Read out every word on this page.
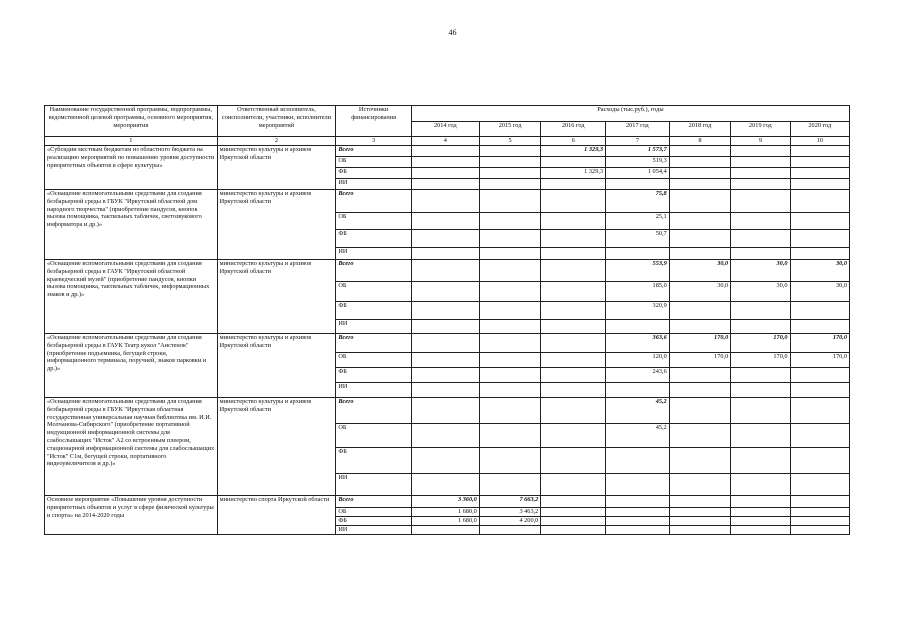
46
Наименование государственной программы, подпрограммы, ведомственной целевой программы, основного мероприятия, мероприятия	Ответственный исполнитель, соисполнители, участники, исполнители мероприятий	Источники финансирования	Расходы (тыс.руб.), годы						
			2014 год	2015 год	2016 год	2017 год	2018 год	2019 год	2020 год
1	2	3	4	5	6	7	8	9	10
«Субсидии местным бюджетам из областного бюджета на реализацию мероприятий по повышению уровня доступности приоритетных объектов в сфере культуры»	министерство культуры и архивов Иркутской области	Всего			1 329,3	1 573,7			
		ОБ				519,3			
		ФБ			1 329,3	1 054,4			
		ИИ							
«Оснащение вспомогательными средствами для создания безбарьерной среды в ГБУК "Иркутский областной дом народного творчества" (приобретение пандусов, кнопок вызова помощника, тактильных табличек, светозвукового информатора и др.)»	министерство культуры и архивов Иркутской области	Всего				75,8			
		ОБ				25,1			
		ФБ				50,7			
		ИИ							
«Оснащение вспомогательными средствами для создания безбарьерной среды в ГАУК "Иркутский областной краеведческий музей" (приобретение пандусов, кнопки вызова помощника, тактильных табличек, информационных знаков и др.)»	министерство культуры и архивов Иркутской области	Всего				553,9	30,0	30,0	30,0
		ОБ				185,0	30,0	30,0	30,0
		ФБ				320,9			
		ИИ							
«Оснащение вспомогательными средствами для создания безбарьерной среды в ГАУК Театр кукол "Аистенок"(приобретение подъемника, бегущей строки, информационного терминала, поручней, знаков парковки и др.)»	министерство культуры и архивов Иркутской области	Всего				363,6	170,0	170,0	170,0
		ОБ				120,0	170,0	170,0	170,0
		ФБ				243,6			
		ИИ							
«Оснащение вспомогательными средствами для создания безбарьерной среды в ГБУК "Иркутская областная государственная универсальная научная библиотека им. И.И. Молчанова-Сибирского" (приобретение портативной индукционной информационной системы для слабослышащих "Исток" А2 со встроенным плеером, стационарной информационной системы для слабослышащих "Исток" С1м, бегущей строки, портативного видеоувеличителя и др.)»	министерство культуры и архивов Иркутской области	Всего				45,2			
		ОБ				45,2			
		ФБ							
		ИИ							
Основное мероприятие «Повышение уровня доступности приоритетных объектов и услуг в сфере физической культуры и спорта» на 2014-2020 годы	министерство спорта Иркутской области	Всего	3 360,0	7 663,2					
		ОБ	1 680,0	3 463,2					
		ФБ	1 680,0	4 200,0					
		ИИ							
